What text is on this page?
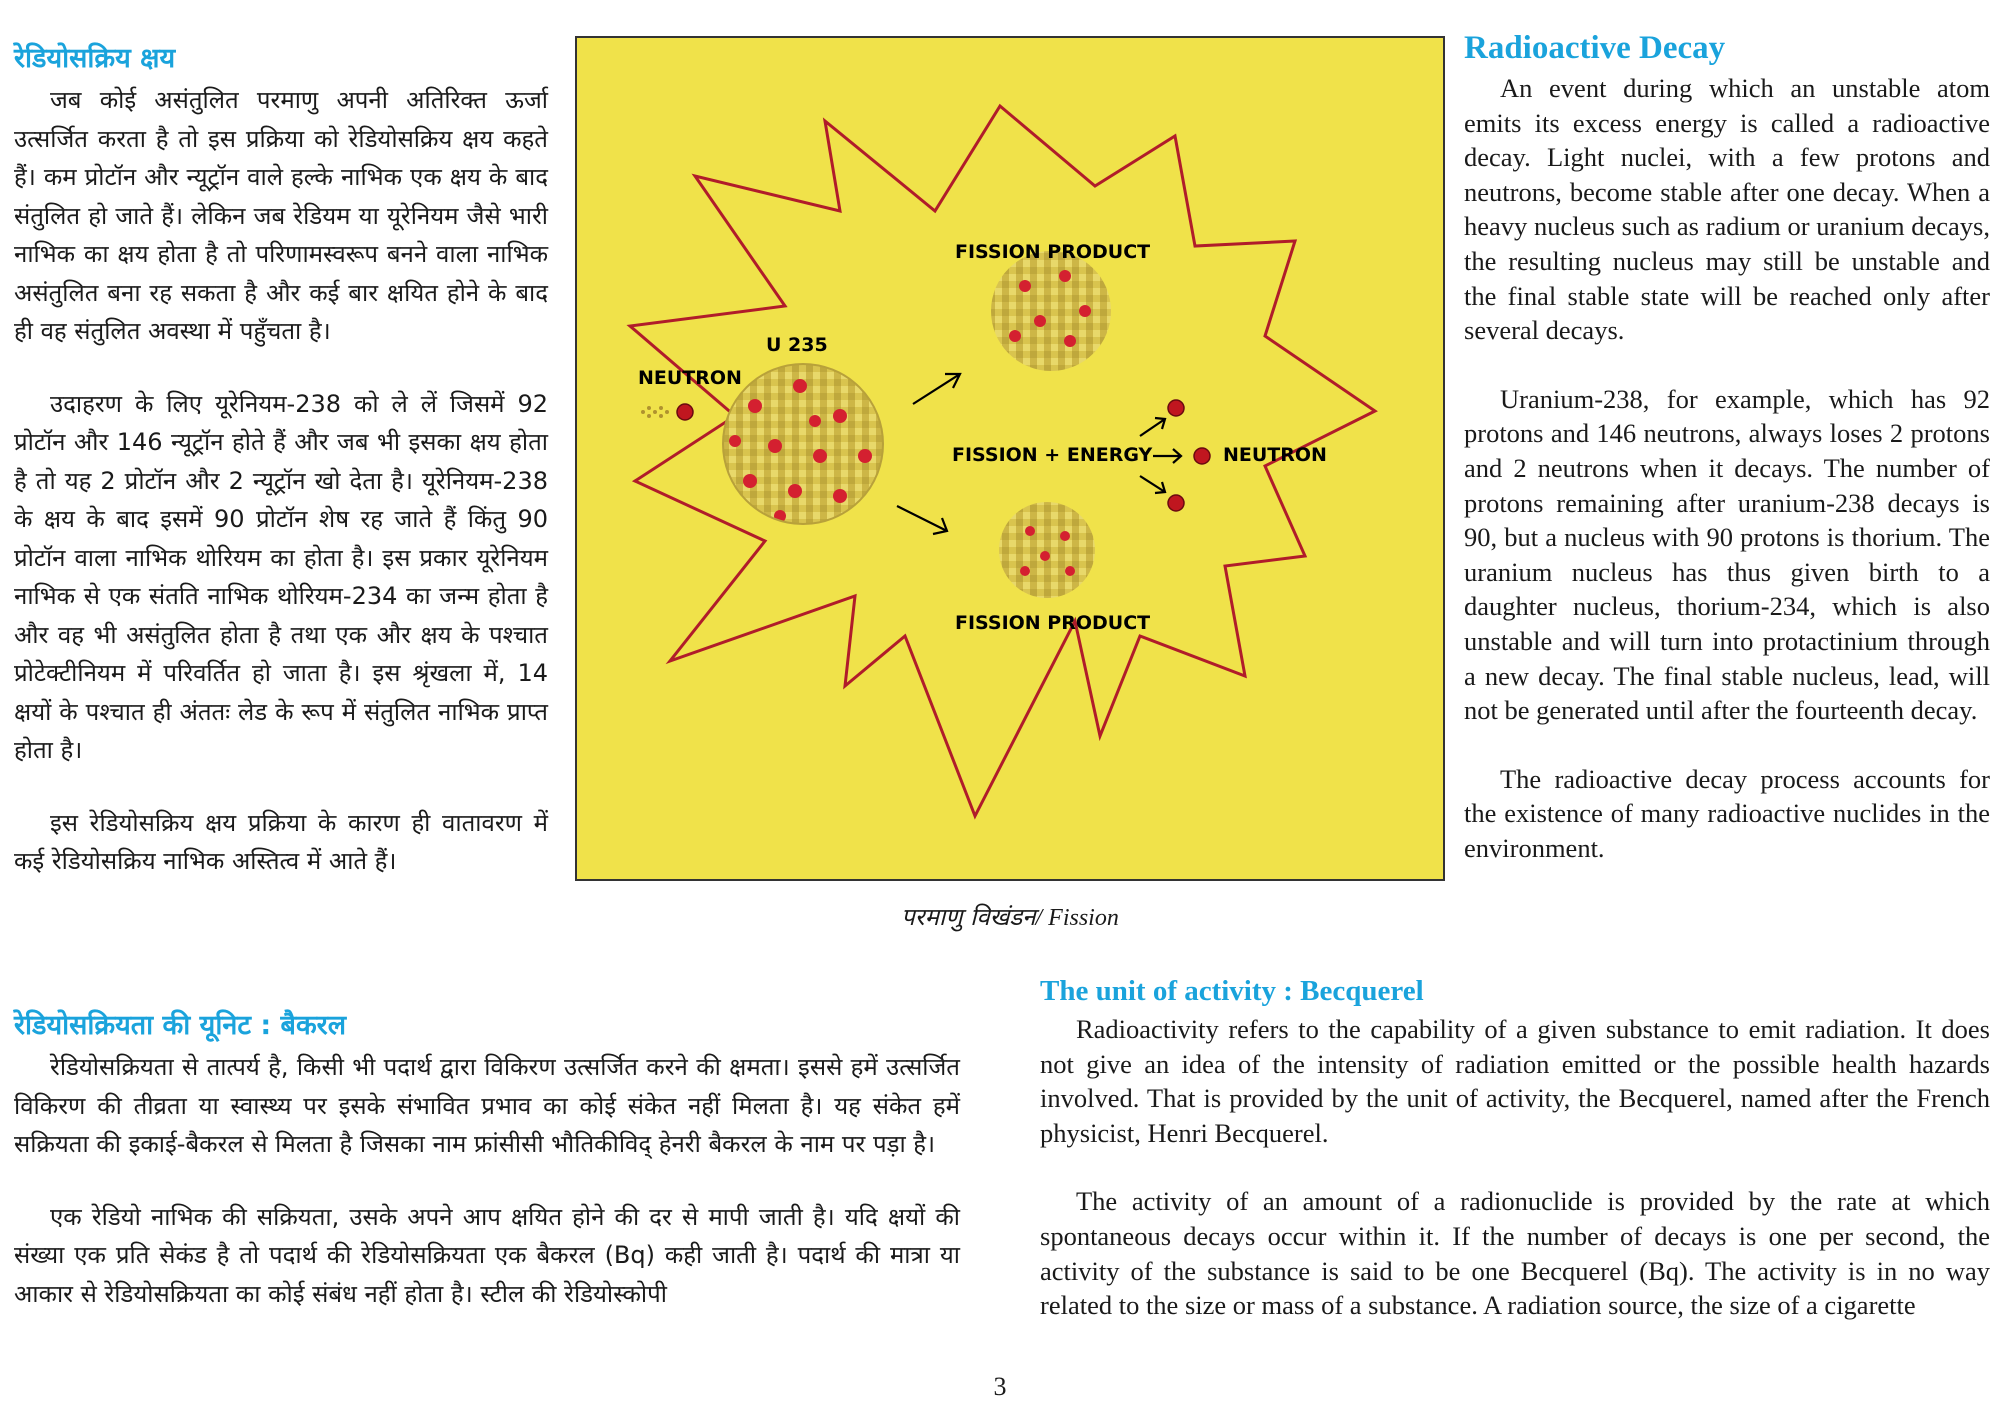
रेडियोसक्रिय क्षय

जब कोई असंतुलित परमाणु अपनी अतिरिक्त ऊर्जा उत्सर्जित करता है तो इस प्रक्रिया को रेडियोसक्रिय क्षय कहते हैं। कम प्रोटॉन और न्यूट्रॉन वाले हल्के नाभिक एक क्षय के बाद संतुलित हो जाते हैं। लेकिन जब रेडियम या यूरेनियम जैसे भारी नाभिक का क्षय होता है तो परिणामस्वरूप बनने वाला नाभिक असंतुलित बना रह सकता है और कई बार क्षयित होने के बाद ही वह संतुलित अवस्था में पहुँचता है।

उदाहरण के लिए यूरेनियम-238 को ले लें जिसमें 92 प्रोटॉन और 146 न्यूट्रॉन होते हैं और जब भी इसका क्षय होता है तो यह 2 प्रोटॉन और 2 न्यूट्रॉन खो देता है। यूरेनियम-238 के क्षय के बाद इसमें 90 प्रोटॉन शेष रह जाते हैं किंतु 90 प्रोटॉन वाला नाभिक थोरियम का होता है। इस प्रकार यूरेनियम नाभिक से एक संतति नाभिक थोरियम-234 का जन्म होता है और वह भी असंतुलित होता है तथा एक और क्षय के पश्चात प्रोटेक्टीनियम में परिवर्तित हो जाता है। इस श्रृंखला में, 14 क्षयों के पश्चात ही अंततः लेड के रूप में संतुलित नाभिक प्राप्त होता है।

इस रेडियोसक्रिय क्षय प्रक्रिया के कारण ही वातावरण में कई रेडियोसक्रिय नाभिक अस्तित्व में आते हैं।

NEUTRON
U 235
FISSION PRODUCT
FISSION + ENERGY	NEUTRON
FISSION PRODUCT
परमाणु विखंडन/ Fission
Radioactive Decay

An event during which an unstable atom emits its excess energy is called a radioactive decay. Light nuclei, with a few protons and neutrons, become stable after one decay. When a heavy nucleus such as radium or uranium decays, the resulting nucleus may still be unstable and the final stable state will be reached only after several decays.

Uranium-238, for example, which has 92 protons and 146 neutrons, always loses 2 protons and 2 neutrons when it decays. The number of protons remaining after uranium-238 decays is 90, but a nucleus with 90 protons is thorium. The uranium nucleus has thus given birth to a daughter nucleus, thorium-234, which is also unstable and will turn into protactinium through a new decay. The final stable nucleus, lead, will not be generated until after the fourteenth decay.

The radioactive decay process accounts for the existence of many radioactive nuclides in the environment.

रेडियोसक्रियता की यूनिट : बैकरल

रेडियोसक्रियता से तात्पर्य है, किसी भी पदार्थ द्वारा विकिरण उत्सर्जित करने की क्षमता। इससे हमें उत्सर्जित विकिरण की तीव्रता या स्वास्थ्य पर इसके संभावित प्रभाव का कोई संकेत नहीं मिलता है। यह संकेत हमें सक्रियता की इकाई-बैकरल से मिलता है जिसका नाम फ्रांसीसी भौतिकीविद् हेनरी बैकरल के नाम पर पड़ा है।

एक रेडियो नाभिक की सक्रियता, उसके अपने आप क्षयित होने की दर से मापी जाती है। यदि क्षयों की संख्या एक प्रति सेकंड है तो पदार्थ की रेडियोसक्रियता एक बैकरल (Bq) कही जाती है। पदार्थ की मात्रा या आकार से रेडियोसक्रियता का कोई संबंध नहीं होता है। स्टील की रेडियोस्कोपी

The unit of activity : Becquerel

Radioactivity refers to the capability of a given substance to emit radiation. It does not give an idea of the intensity of radiation emitted or the possible health hazards involved. That is provided by the unit of activity, the Becquerel, named after the French physicist, Henri Becquerel.

The activity of an amount of a radionuclide is provided by the rate at which spontaneous decays occur within it. If the number of decays is one per second, the activity of the substance is said to be one Becquerel (Bq). The activity is in no way related to the size or mass of a substance. A radiation source, the size of a cigarette

3
